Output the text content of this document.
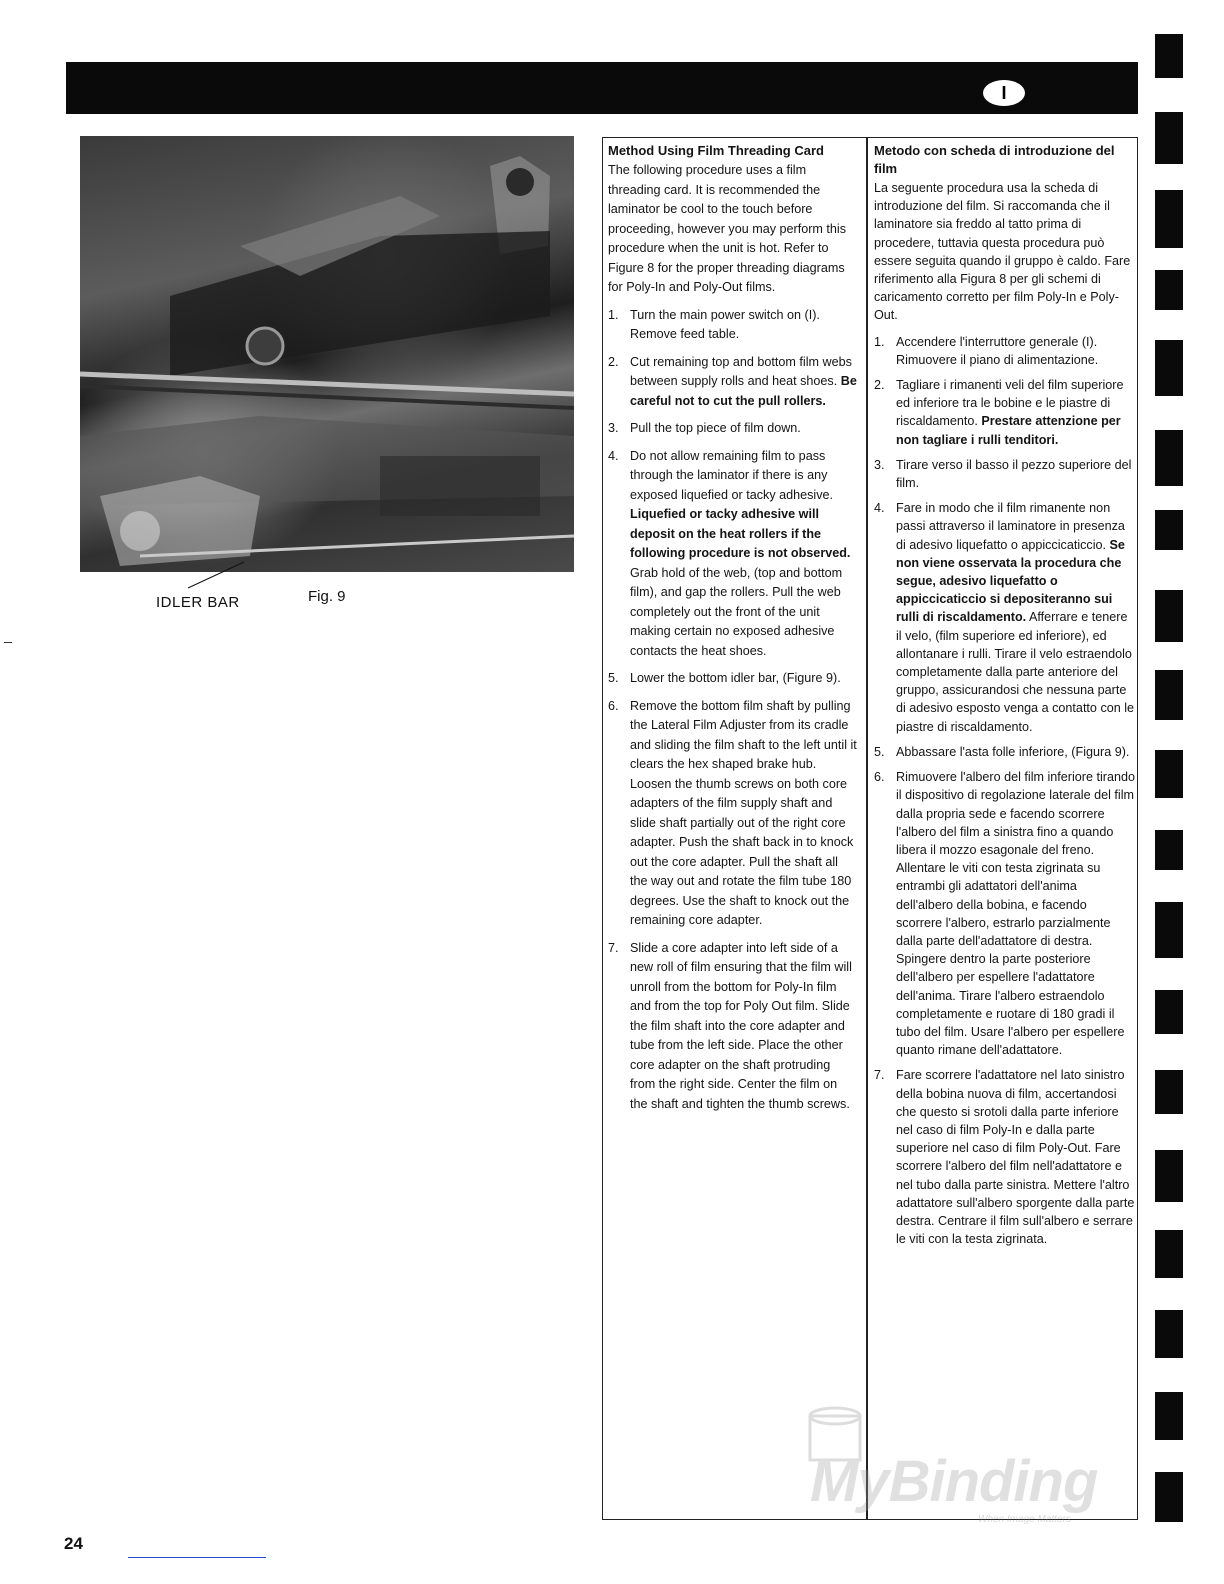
I
IDLER BAR	Fig. 9
Method Using Film Threading Card

The following procedure uses a film threading card. It is recommended the laminator be cool to the touch before proceeding, however you may perform this procedure when the unit is hot. Refer to Figure 8 for the proper threading diagrams for Poly-In and Poly-Out films.

1. Turn the main power switch on (I). Remove feed table.
2. Cut remaining top and bottom film webs between supply rolls and heat shoes. Be careful not to cut the pull rollers.
3. Pull the top piece of film down.
4. Do not allow remaining film to pass through the laminator if there is any exposed liquefied or tacky adhesive. Liquefied or tacky adhesive will deposit on the heat rollers if the following procedure is not observed. Grab hold of the web, (top and bottom film), and gap the rollers. Pull the web completely out the front of the unit making certain no exposed adhesive contacts the heat shoes.
5. Lower the bottom idler bar, (Figure 9).
6. Remove the bottom film shaft by pulling the Lateral Film Adjuster from its cradle and sliding the film shaft to the left until it clears the hex shaped brake hub. Loosen the thumb screws on both core adapters of the film supply shaft and slide shaft partially out of the right core adapter. Push the shaft back in to knock out the core adapter. Pull the shaft all the way out and rotate the film tube 180 degrees. Use the shaft to knock out the remaining core adapter.
7. Slide a core adapter into left side of a new roll of film ensuring that the film will unroll from the bottom for Poly-In film and from the top for Poly Out film. Slide the film shaft into the core adapter and tube from the left side. Place the other core adapter on the shaft protruding from the right side. Center the film on the shaft and tighten the thumb screws.
Metodo con scheda di introduzione del film

La seguente procedura usa la scheda di introduzione del film. Si raccomanda che il laminatore sia freddo al tatto prima di procedere, tuttavia questa procedura può essere seguita quando il gruppo è caldo. Fare riferimento alla Figura 8 per gli schemi di caricamento corretto per film Poly-In e Poly-Out.

1. Accendere l'interruttore generale (I). Rimuovere il piano di alimentazione.
2. Tagliare i rimanenti veli del film superiore ed inferiore tra le bobine e le piastre di riscaldamento. Prestare attenzione per non tagliare i rulli tenditori.
3. Tirare verso il basso il pezzo superiore del film.
4. Fare in modo che il film rimanente non passi attraverso il laminatore in presenza di adesivo liquefatto o appiccicaticcio. Se non viene osservata la procedura che segue, adesivo liquefatto o appiccicaticcio si depositeranno sui rulli di riscaldamento. Afferrare e tenere il velo, (film superiore ed inferiore), ed allontanare i rulli. Tirare il velo estraendolo completamente dalla parte anteriore del gruppo, assicurandosi che nessuna parte di adesivo esposto venga a contatto con le piastre di riscaldamento.
5. Abbassare l'asta folle inferiore, (Figura 9).
6. Rimuovere l'albero del film inferiore tirando il dispositivo di regolazione laterale del film dalla propria sede e facendo scorrere l'albero del film a sinistra fino a quando libera il mozzo esagonale del freno. Allentare le viti con testa zigrinata su entrambi gli adattatori dell'anima dell'albero della bobina, e facendo scorrere l'albero, estrarlo parzialmente dalla parte dell'adattatore di destra. Spingere dentro la parte posteriore dell'albero per espellere l'adattatore dell'anima. Tirare l'albero estraendolo completamente e ruotare di 180 gradi il tubo del film. Usare l'albero per espellere quanto rimane dell'adattatore.
7. Fare scorrere l'adattatore nel lato sinistro della bobina nuova di film, accertandosi che questo si srotoli dalla parte inferiore nel caso di film Poly-In e dalla parte superiore nel caso di film Poly-Out. Fare scorrere l'albero del film nell'adattatore e nel tubo dalla parte sinistra. Mettere l'altro adattatore sull'albero sporgente dalla parte destra. Centrare il film sull'albero e serrare le viti con la testa zigrinata.
MyBinding
When Image Matters
24
